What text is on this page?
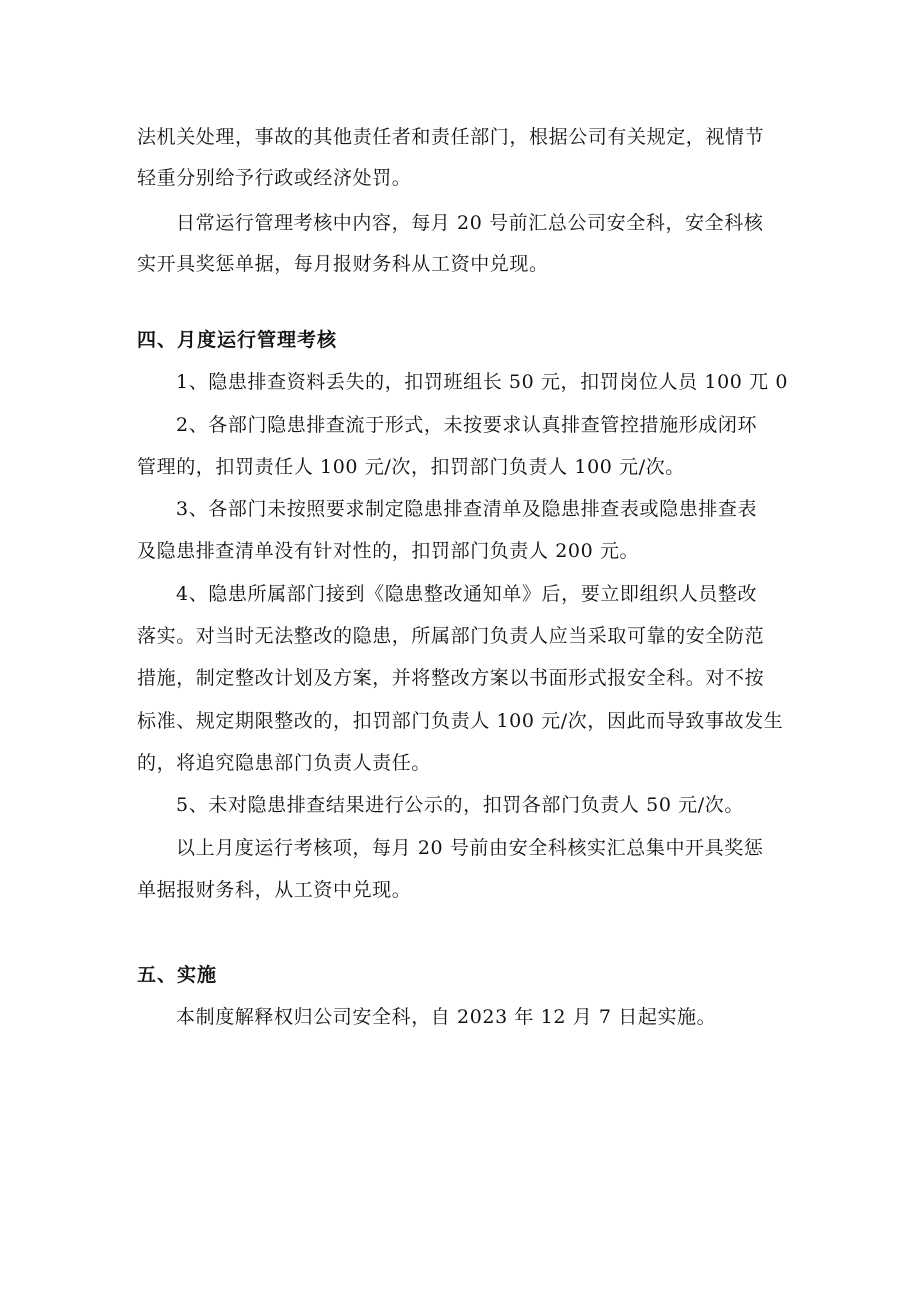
法机关处理，事故的其他责任者和责任部门，根据公司有关规定，视情节
轻重分别给予行政或经济处罚。
日常运行管理考核中内容，每月 20 号前汇总公司安全科，安全科核
实开具奖惩单据，每月报财务科从工资中兑现。
四、月度运行管理考核
1、隐患排查资料丢失的，扣罚班组长 50 元，扣罚岗位人员 100 兀 0
2、各部门隐患排查流于形式，未按要求认真排查管控措施形成闭环
管理的，扣罚责任人 100 元/次，扣罚部门负责人 100 元/次。
3、各部门未按照要求制定隐患排查清单及隐患排查表或隐患排查表
及隐患排查清单没有针对性的，扣罚部门负责人 200 元。
4、隐患所属部门接到《隐患整改通知单》后，要立即组织人员整改
落实。对当时无法整改的隐患，所属部门负责人应当采取可靠的安全防范
措施，制定整改计划及方案，并将整改方案以书面形式报安全科。对不按
标准、规定期限整改的，扣罚部门负责人 100 元/次，因此而导致事故发生
的，将追究隐患部门负责人责任。
5、未对隐患排查结果进行公示的，扣罚各部门负责人 50 元/次。
以上月度运行考核项，每月 20 号前由安全科核实汇总集中开具奖惩
单据报财务科，从工资中兑现。
五、实施
本制度解释权归公司安全科，自 2023 年 12 月 7 日起实施。
